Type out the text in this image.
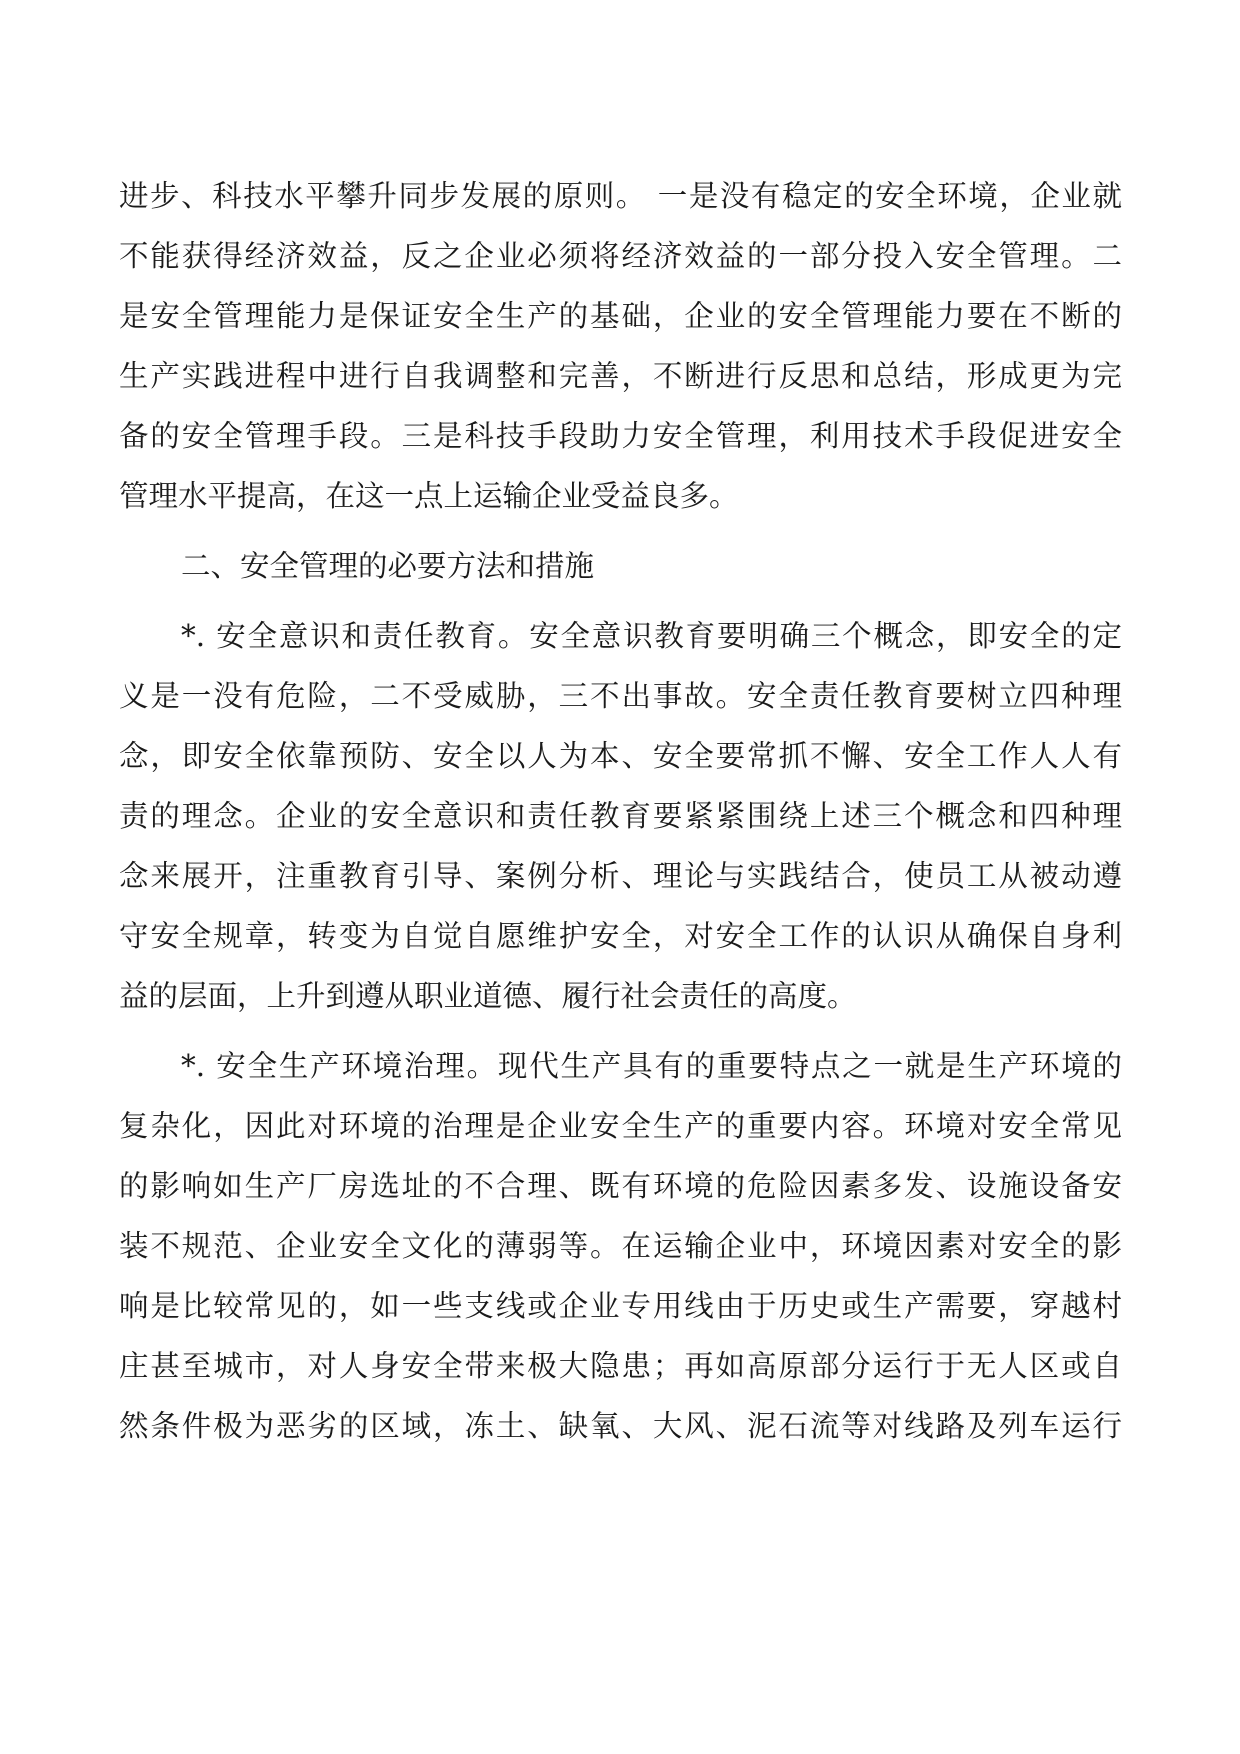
进步、科技水平攀升同步发展的原则。 一是没有稳定的安全环境，企业就
不能获得经济效益，反之企业必须将经济效益的一部分投入安全管理。二
是安全管理能力是保证安全生产的基础，企业的安全管理能力要在不断的
生产实践进程中进行自我调整和完善，不断进行反思和总结，形成更为完
备的安全管理手段。三是科技手段助力安全管理，利用技术手段促进安全
管理水平提高，在这一点上运输企业受益良多。

二、安全管理的必要方法和措施

*. 安全意识和责任教育。安全意识教育要明确三个概念，即安全的定
义是一没有危险，二不受威胁，三不出事故。安全责任教育要树立四种理
念，即安全依靠预防、安全以人为本、安全要常抓不懈、安全工作人人有
责的理念。企业的安全意识和责任教育要紧紧围绕上述三个概念和四种理
念来展开，注重教育引导、案例分析、理论与实践结合，使员工从被动遵
守安全规章，转变为自觉自愿维护安全，对安全工作的认识从确保自身利
益的层面，上升到遵从职业道德、履行社会责任的高度。
*. 安全生产环境治理。现代生产具有的重要特点之一就是生产环境的
复杂化，因此对环境的治理是企业安全生产的重要内容。环境对安全常见
的影响如生产厂房选址的不合理、既有环境的危险因素多发、设施设备安
装不规范、企业安全文化的薄弱等。在运输企业中，环境因素对安全的影
响是比较常见的，如一些支线或企业专用线由于历史或生产需要，穿越村
庄甚至城市，对人身安全带来极大隐患；再如高原部分运行于无人区或自
然条件极为恶劣的区域，冻土、缺氧、大风、泥石流等对线路及列车运行
